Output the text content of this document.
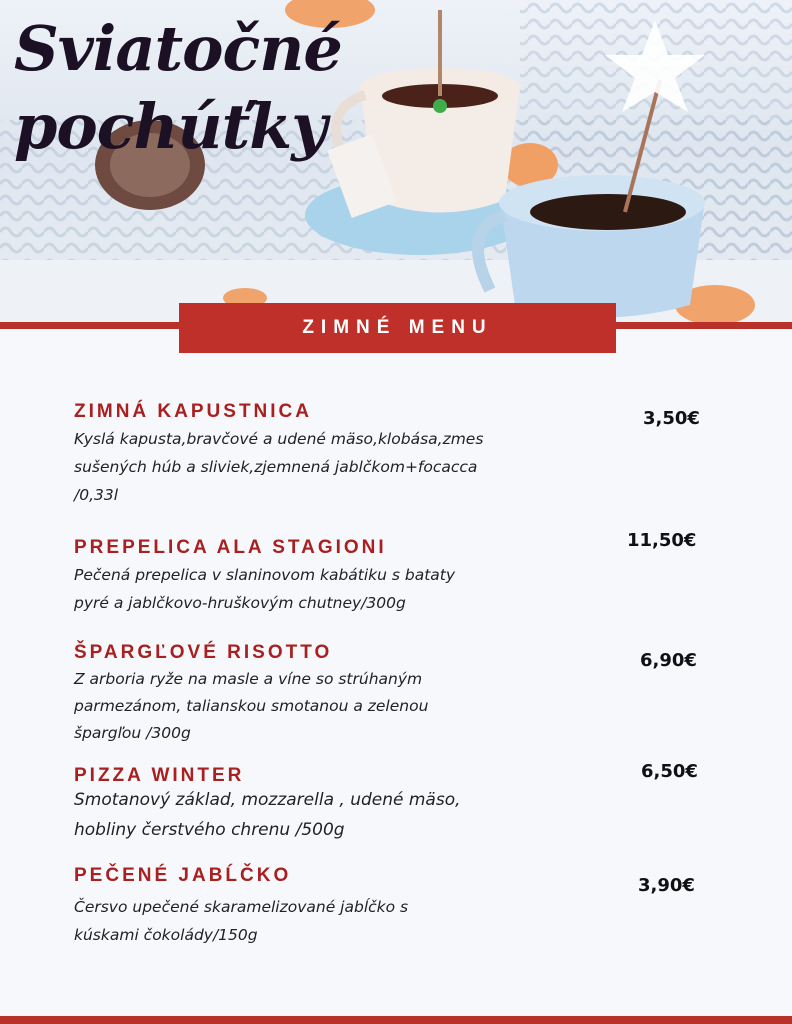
Sviatočné
pochúťky
ZIMNÉ MENU
ZIMNÁ KAPUSTNICA
Kyslá kapusta,bravčové a udené mäso,klobása,zmes sušených húb a sliviek,zjemnená jablčkom+focacca /0,33l
3,50€
PREPELICA ALA STAGIONI
Pečená prepelica v slaninovom kabátiku s bataty pyré a jablčkovo-hruškovým chutney/300g
11,50€
ŠPARGĽOVÉ RISOTTO
Z arboria ryže na masle a víne so strúhaným parmezánom, talianskou smotanou a zelenou špargľou /300g
6,90€
PIZZA WINTER
Smotanový základ, mozzarella , udené mäso, hobliny čerstvého chrenu /500g
6,50€
PEČENÉ JABĹČKO
Čersvo upečené skaramelizované jabĺčko s kúskami čokolády/150g
3,90€
